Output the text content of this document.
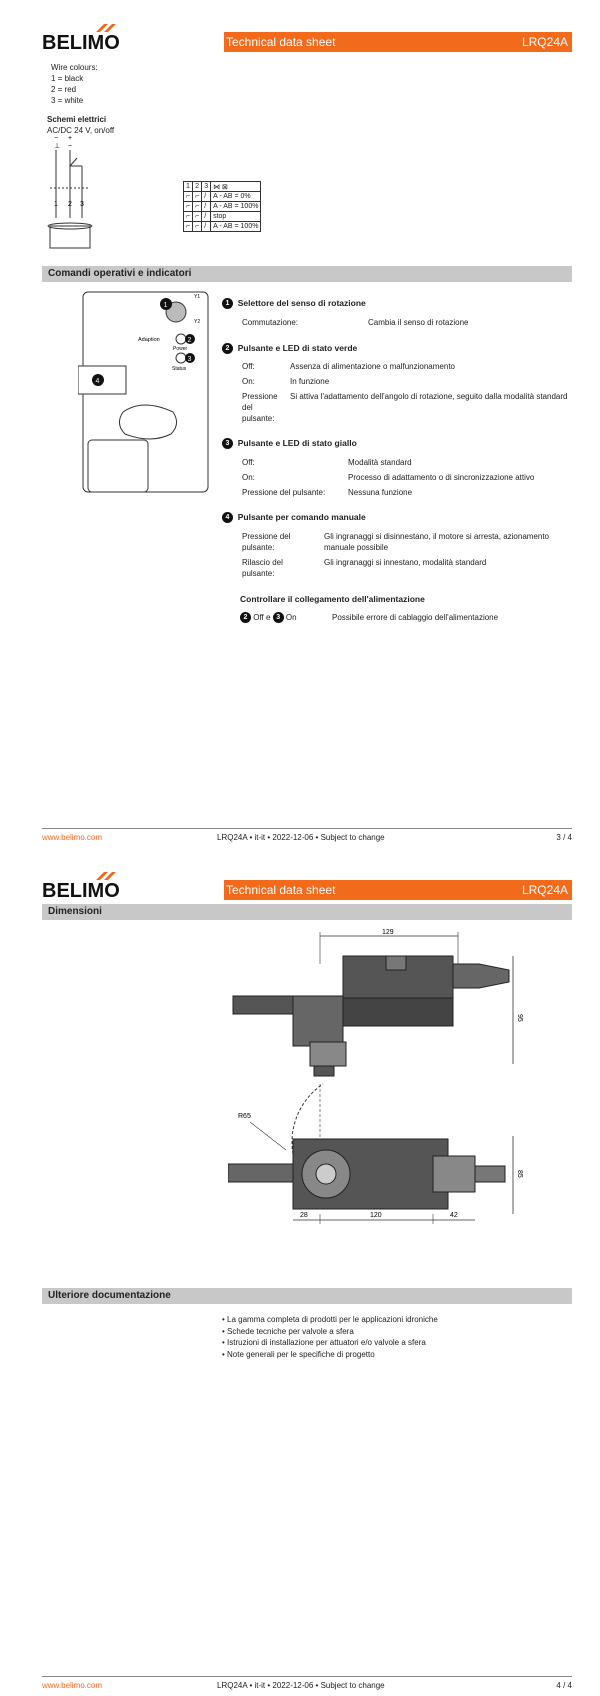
BELIMO	Technical data sheet	LRQ24A
Wire colours:
1 = black
2 = red
3 = white
Schemi elettrici
AC/DC 24 V, on/off
− +
⊥ ~
1 2 3
1	2	3	⋈ ⊠
⌐	⌐	/	A - AB = 0%
⌐	⌐	/	A - AB = 100%
⌐	⌐	/	stop
⌐	⌐	/	A - AB = 100%
Comandi operativi e indicatori
1
Y1
Y2
2
Adaption
Power
3
Status
4
1 Selettore del senso di rotazione
Commutazione:	Cambia il senso di rotazione
2 Pulsante e LED di stato verde
Off:	Assenza di alimentazione o malfunzionamento
On:	In funzione
Pressione del pulsante:
Si attiva l'adattamento dell'angolo di rotazione, seguito dalla modalità standard
3 Pulsante e LED di stato giallo
Off:	Modalità standard
On:	Processo di adattamento o di sincronizzazione attivo
Pressione del pulsante:	Nessuna funzione
4 Pulsante per comando manuale
Pressione del pulsante:
Gli ingranaggi si disinnestano, il motore si arresta, azionamento manuale possibile
Rilascio del pulsante:
Gli ingranaggi si innestano, modalità standard
Controllare il collegamento dell'alimentazione
2 Off e 3 On	Possibile errore di cablaggio dell'alimentazione
www.belimo.com	LRQ24A • it-it • 2022-12-06 • Subject to change	3 / 4
BELIMO	Technical data sheet	LRQ24A
Dimensioni
129
95
R65
85
28	120	42
Ulteriore documentazione
• La gamma completa di prodotti per le applicazioni idroniche
• Schede tecniche per valvole a sfera
• Istruzioni di installazione per attuatori e/o valvole a sfera
• Note generali per le specifiche di progetto
www.belimo.com	LRQ24A • it-it • 2022-12-06 • Subject to change	4 / 4
